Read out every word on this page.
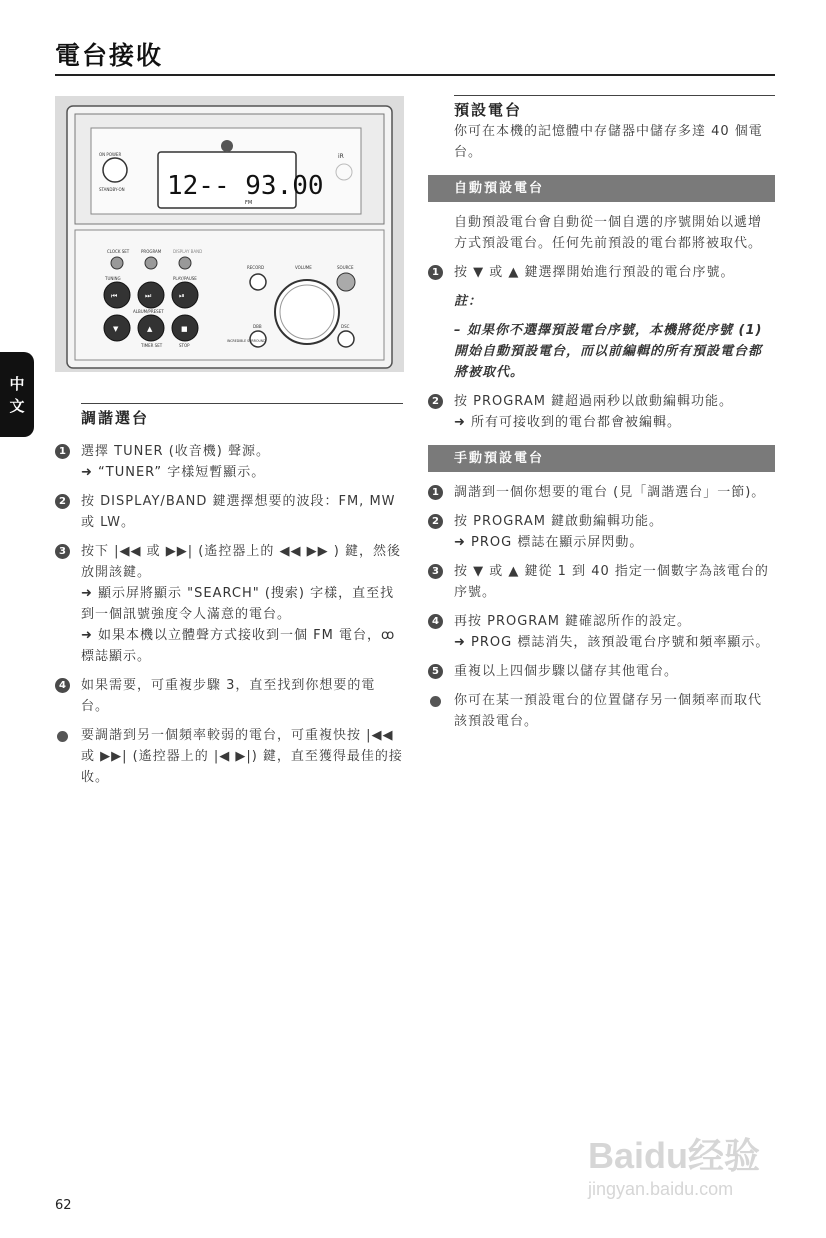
電台接收
中
文
12-- 93.00
FM
ON POWER
STANDBY-ON
iR
CLOCK SET	PROGRAM	DISPLAY BAND
⏮	⏭	⏯
▼	▲	■
RECORD	VOLUME	SOURCE
INCREDIBLE SURROUND
DBB	DSC
TUNING	PLAY/PAUSE
ALBUM/PRESET
TIMER SET	STOP
調諧選台
1	選擇 TUNER (收音機) 聲源。
➜ “TUNER” 字樣短暫顯示。
2	按 DISPLAY/BAND 鍵選擇想要的波段：FM, MW 或 LW。
3	按下 |◀◀ 或 ▶▶| (遙控器上的 ◀◀ ▶▶ ) 鍵，然後放開該鍵。
➜ 顯示屏將顯示 "SEARCH" (搜索) 字樣，直至找到一個訊號強度令人滿意的電台。
➜ 如果本機以立體聲方式接收到一個 FM 電台，ꝏ 標誌顯示。
4	如果需要，可重複步驟 3，直至找到你想要的電台。
要調諧到另一個頻率較弱的電台，可重複快按 |◀◀ 或 ▶▶| (遙控器上的 |◀ ▶|) 鍵，直至獲得最佳的接收。
預設電台
你可在本機的記憶體中存儲器中儲存多達 40 個電台。
自動預設電台
自動預設電台會自動從一個自選的序號開始以遞增方式預設電台。任何先前預設的電台都將被取代。
1	按 ▼ 或 ▲ 鍵選擇開始進行預設的電台序號。
註：
– 如果你不選擇預設電台序號，本機將從序號 (1) 開始自動預設電台，而以前編輯的所有預設電台都將被取代。
2	按 PROGRAM 鍵超過兩秒以啟動編輯功能。
➜ 所有可接收到的電台都會被編輯。
手動預設電台
1	調諧到一個你想要的電台 (見「調諧選台」一節)。
2	按 PROGRAM 鍵啟動編輯功能。
➜ PROG 標誌在顯示屏閃動。
3	按 ▼ 或 ▲ 鍵從 1 到 40 指定一個數字為該電台的序號。
4	再按 PROGRAM 鍵確認所作的設定。
➜ PROG 標誌消失，該預設電台序號和頻率顯示。
5	重複以上四個步驟以儲存其他電台。
你可在某一預設電台的位置儲存另一個頻率而取代該預設電台。
62
Baidu经验
jingyan.baidu.com
